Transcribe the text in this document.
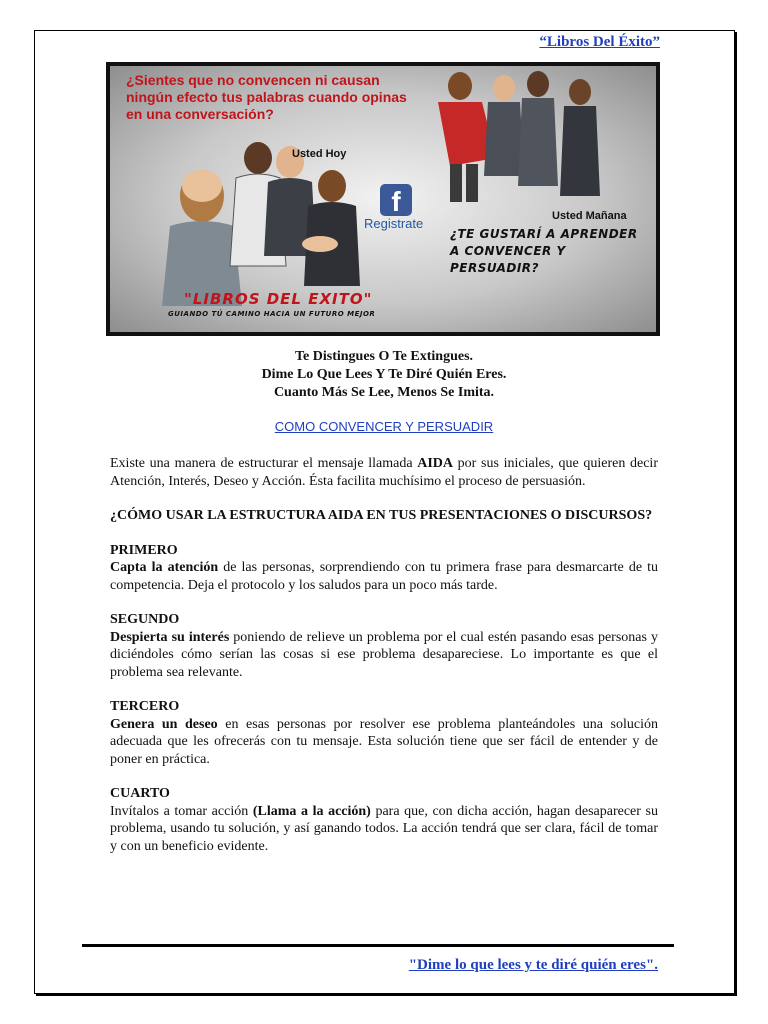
“Libros Del Éxito”
¿Sientes que no convencen ni causan ningún efecto tus palabras cuando opinas en una conversación?
Usted Hoy
Usted Mañana
f
Registrate
¿TE GUSTARÍ A APRENDER A CONVENCER Y PERSUADIR?
"LIBROS DEL EXITO"
GUIANDO TÚ CAMINO HACIA UN FUTURO MEJOR
Te Distingues O Te Extingues.
Dime Lo Que Lees Y Te Diré Quién Eres.
Cuanto Más Se Lee, Menos Se Imita.
COMO CONVENCER Y PERSUADIR

Existe una manera de estructurar el mensaje llamada AIDA por sus iniciales, que quieren decir Atención, Interés, Deseo y Acción. Ésta facilita muchísimo el proceso de persuasión.

¿CÓMO USAR LA ESTRUCTURA AIDA EN TUS PRESENTACIONES O DISCURSOS?

PRIMERO

Capta la atención de las personas, sorprendiendo con tu primera frase para desmarcarte de tu competencia. Deja el protocolo y los saludos para un poco más tarde.

SEGUNDO

Despierta su interés poniendo de relieve un problema por el cual estén pasando esas personas y diciéndoles cómo serían las cosas si ese problema desapareciese. Lo importante es que el problema sea relevante.

TERCERO

Genera un deseo en esas personas por resolver ese problema planteándoles una solución adecuada que les ofrecerás con tu mensaje. Esta solución tiene que ser fácil de entender y de poner en práctica.

CUARTO

Invítalos a tomar acción (Llama a la acción) para que, con dicha acción, hagan desaparecer su problema, usando tu solución, y así ganando todos. La acción tendrá que ser clara, fácil de tomar y con un beneficio evidente.

"Dime lo que lees y te diré quién eres".
